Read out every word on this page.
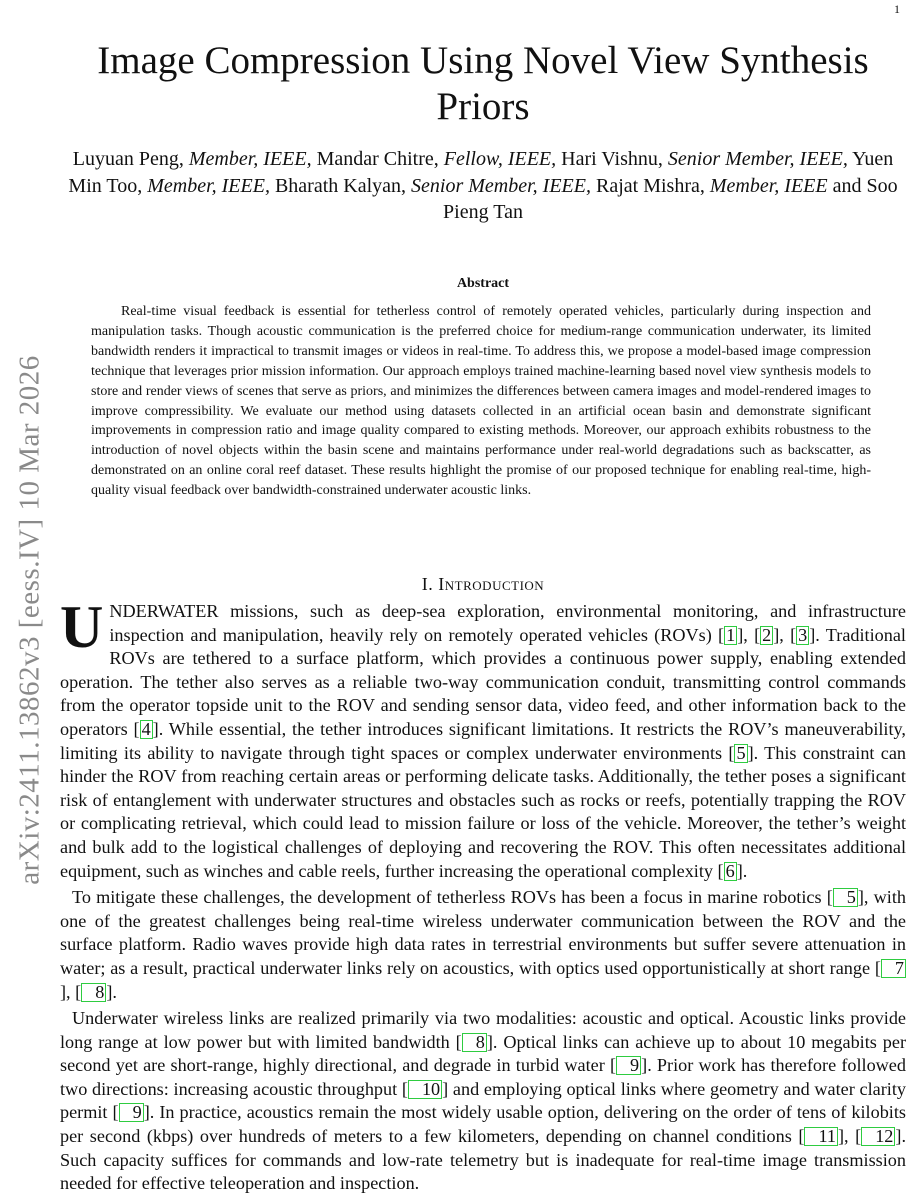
1
arXiv:2411.13862v3 [eess.IV] 10 Mar 2026
Image Compression Using Novel View Synthesis Priors
Luyuan Peng, Member, IEEE, Mandar Chitre, Fellow, IEEE, Hari Vishnu, Senior Member, IEEE, Yuen Min Too, Member, IEEE, Bharath Kalyan, Senior Member, IEEE, Rajat Mishra, Member, IEEE and Soo Pieng Tan
Abstract

Real-time visual feedback is essential for tetherless control of remotely operated vehicles, particularly during inspection and manipulation tasks. Though acoustic communication is the preferred choice for medium-range communication underwater, its limited bandwidth renders it impractical to transmit images or videos in real-time. To address this, we propose a model-based image compression technique that leverages prior mission information. Our approach employs trained machine-learning based novel view synthesis models to store and render views of scenes that serve as priors, and minimizes the differences between camera images and model-rendered images to improve compressibility. We evaluate our method using datasets collected in an artificial ocean basin and demonstrate significant improvements in compression ratio and image quality compared to existing methods. Moreover, our approach exhibits robustness to the introduction of novel objects within the basin scene and maintains performance under real-world degradations such as backscatter, as demonstrated on an online coral reef dataset. These results highlight the promise of our proposed technique for enabling real-time, high-quality visual feedback over bandwidth-constrained underwater acoustic links.

I. Introduction

UNDERWATER missions, such as deep-sea exploration, environmental monitoring, and infrastructure inspection and manipulation, heavily rely on remotely operated vehicles (ROVs) [ 1 ], [ 2 ], [ 3 ]. Traditional ROVs are tethered to a surface platform, which provides a continuous power supply, enabling extended operation. The tether also serves as a reliable two-way communication conduit, transmitting control commands from the operator topside unit to the ROV and sending sensor data, video feed, and other information back to the operators [ 4 ]. While essential, the tether introduces significant limitations. It restricts the ROV’s maneuverability, limiting its ability to navigate through tight spaces or complex underwater environments [ 5 ]. This constraint can hinder the ROV from reaching certain areas or performing delicate tasks. Additionally, the tether poses a significant risk of entanglement with underwater structures and obstacles such as rocks or reefs, potentially trapping the ROV or complicating retrieval, which could lead to mission failure or loss of the vehicle. Moreover, the tether’s weight and bulk add to the logistical challenges of deploying and recovering the ROV. This often necessitates additional equipment, such as winches and cable reels, further increasing the operational complexity [ 6 ].

To mitigate these challenges, the development of tetherless ROVs has been a focus in marine robotics [ 5 ], with one of the greatest challenges being real-time wireless underwater communication between the ROV and the surface platform. Radio waves provide high data rates in terrestrial environments but suffer severe attenuation in water; as a result, practical underwater links rely on acoustics, with optics used opportunistically at short range [ 7], [ 8 ].

Underwater wireless links are realized primarily via two modalities: acoustic and optical. Acoustic links provide long range at low power but with limited bandwidth [ 8 ]. Optical links can achieve up to about 10 megabits per second yet are short-range, highly directional, and degrade in turbid water [ 9 ]. Prior work has therefore followed two directions: increasing acoustic throughput [ 10 ] and employing optical links where geometry and water clarity permit [ 9 ]. In practice, acoustics remain the most widely usable option, delivering on the order of tens of kilobits per second (kbps) over hundreds of meters to a few kilometers, depending on channel conditions [ 11 ], [ 12 ]. Such capacity suffices for commands and low-rate telemetry but is inadequate for real-time image transmission needed for effective teleoperation and inspection.
